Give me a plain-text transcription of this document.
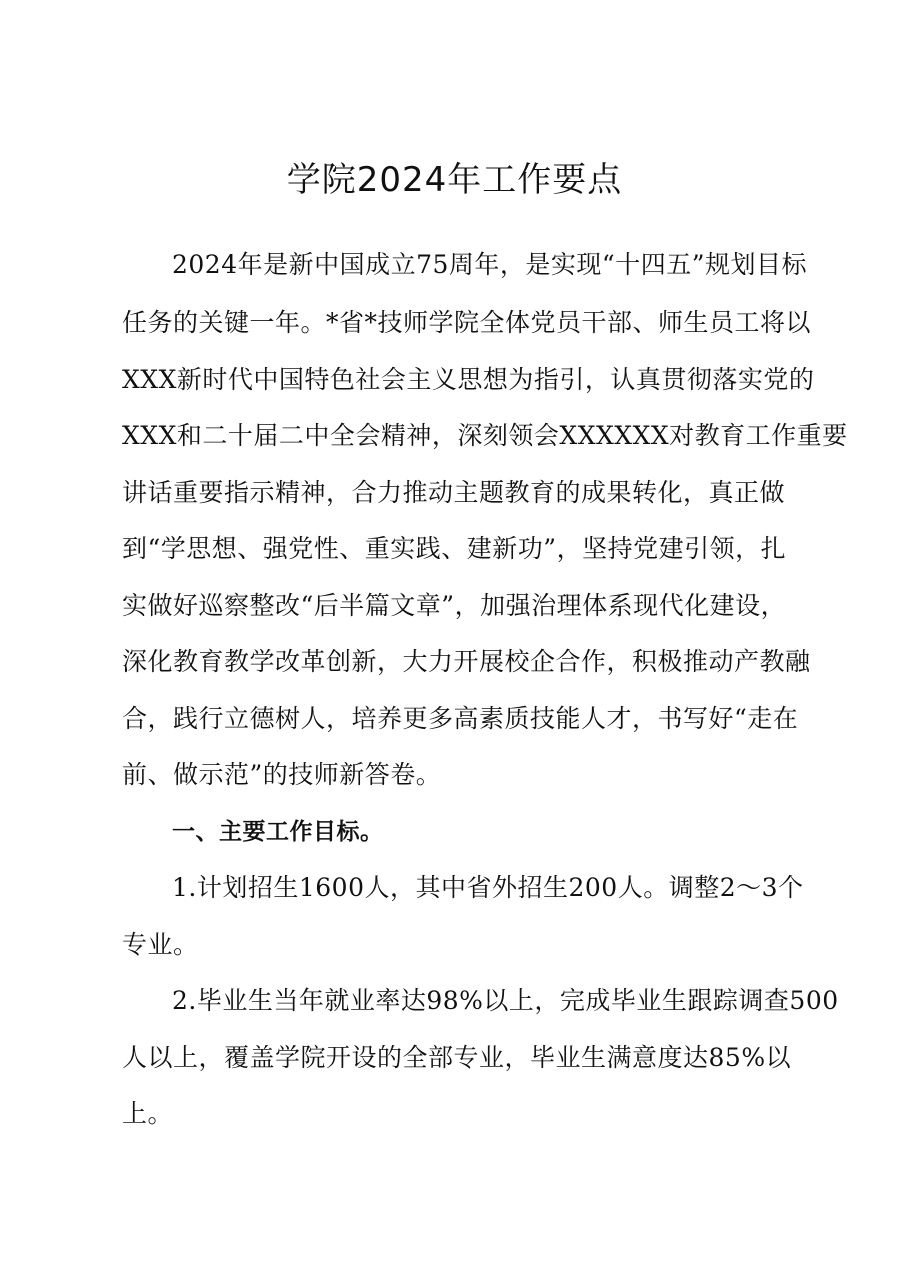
学院2024年工作要点
2024年是新中国成立75周年，是实现“十四五”规划目标
任务的关键一年。*省*技师学院全体党员干部、师生员工将以
XXX新时代中国特色社会主义思想为指引，认真贯彻落实党的
XXX和二十届二中全会精神，深刻领会XXXXXX对教育工作重要
讲话重要指示精神，合力推动主题教育的成果转化，真正做
到“学思想、强党性、重实践、建新功”，坚持党建引领，扎
实做好巡察整改“后半篇文章”，加强治理体系现代化建设，
深化教育教学改革创新，大力开展校企合作，积极推动产教融
合，践行立德树人，培养更多高素质技能人才，书写好“走在
前、做示范”的技师新答卷。
一、主要工作目标。
1.计划招生1600人，其中省外招生200人。调整2～3个
专业。
2.毕业生当年就业率达98%以上，完成毕业生跟踪调查500
人以上，覆盖学院开设的全部专业，毕业生满意度达85%以
上。
